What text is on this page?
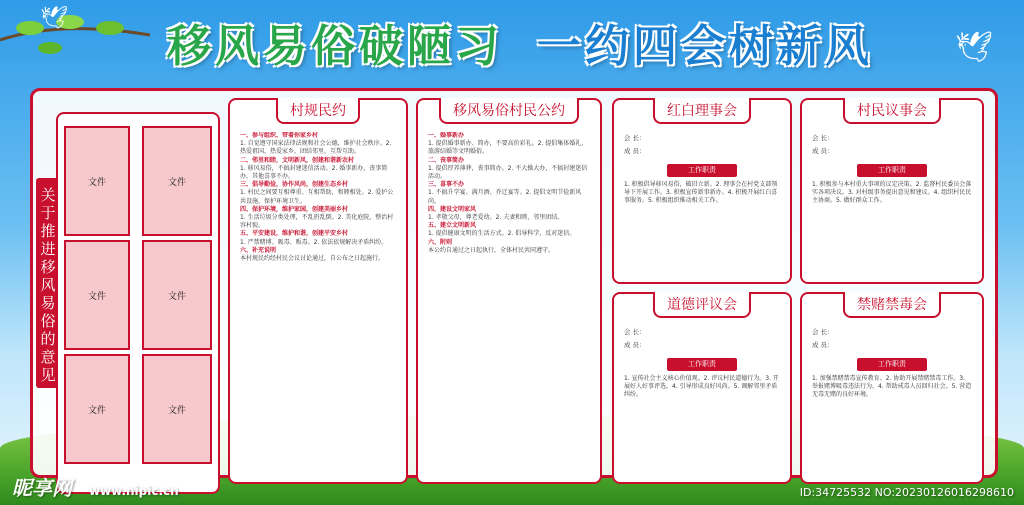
🕊
🕊
移风易俗破陋习 一约四会树新风
关于推进移风易俗的意见
文件	文件
文件	文件
文件	文件
村规民约
一、参与组织、带着你家乡村
1. 自觉遵守国家法律法规和社会公德，维护社会秩序。2. 热爱祖国，热爱家乡，团结邻里，互帮互助。
二、邻里和睦，文明新风，创建和谐新农村
1. 移风易俗，不搞封建迷信活动。2. 婚事新办，丧事简办，其他喜事不办。
三、倡导勤俭，协作风尚，创建生态乡村
1. 村民之间要互相尊重、互相帮助，和睦相处。2. 爱护公共设施，保护环境卫生。
四、保护环境，维护家园，创建美丽乡村
1. 生活垃圾分类处理，不乱扔乱倒。2. 美化庭院，整治村容村貌。
五、平安建设，维护和谐，创建平安乡村
1. 严禁赌博、吸毒、贩毒。2. 依法依规解决矛盾纠纷。
六、补充说明
本村规民约经村民会议讨论通过，自公布之日起施行。
移风易俗村民公约
一、婚事新办
1. 提倡婚事新办、简办，不要高价彩礼。2. 提倡集体婚礼、旅游结婚等文明婚俗。
二、丧事简办
1. 提倡厚养薄葬，丧事简办。2. 不大操大办，不搞封建迷信活动。
三、喜事不办
1. 不搞升学宴、满月酒、乔迁宴等。2. 提倡文明节俭新风尚。
四、建设文明家风
1. 孝敬父母，尊老爱幼。2. 夫妻和睦，邻里团结。
五、建立文明新风
1. 提倡健康文明的生活方式。2. 倡导科学，反对迷信。
六、附则
本公约自通过之日起执行，全体村民共同遵守。
红白理事会
会 长：
成 员：
工作职责
1. 积极倡导移风易俗，破旧立新。2. 理事会在村党支部领导下开展工作。3. 积极宣传新事新办。4. 积极开展红白喜事服务。5. 积极组织推动相关工作。
村民议事会
会 长：
成 员：
工作职责
1. 积极参与本村重大事项的议定决策。2. 监督村民委员会落实各项决议。3. 对村级事务提出意见和建议。4. 组织村民民主协商。5. 做好群众工作。
道德评议会
会 长：
成 员：
工作职责
1. 宣传社会主义核心价值观。2. 评议村民道德行为。3. 开展好人好事评选。4. 引导形成良好风尚。5. 调解邻里矛盾纠纷。
禁赌禁毒会
会 长：
成 员：
工作职责
1. 加强禁赌禁毒宣传教育。2. 协助开展禁赌禁毒工作。3. 举报赌博吸毒违法行为。4. 帮助戒毒人员回归社会。5. 营造无毒无赌的良好环境。
昵享网 www.nipic.cn	ID:34725532 NO:20230126016298610
